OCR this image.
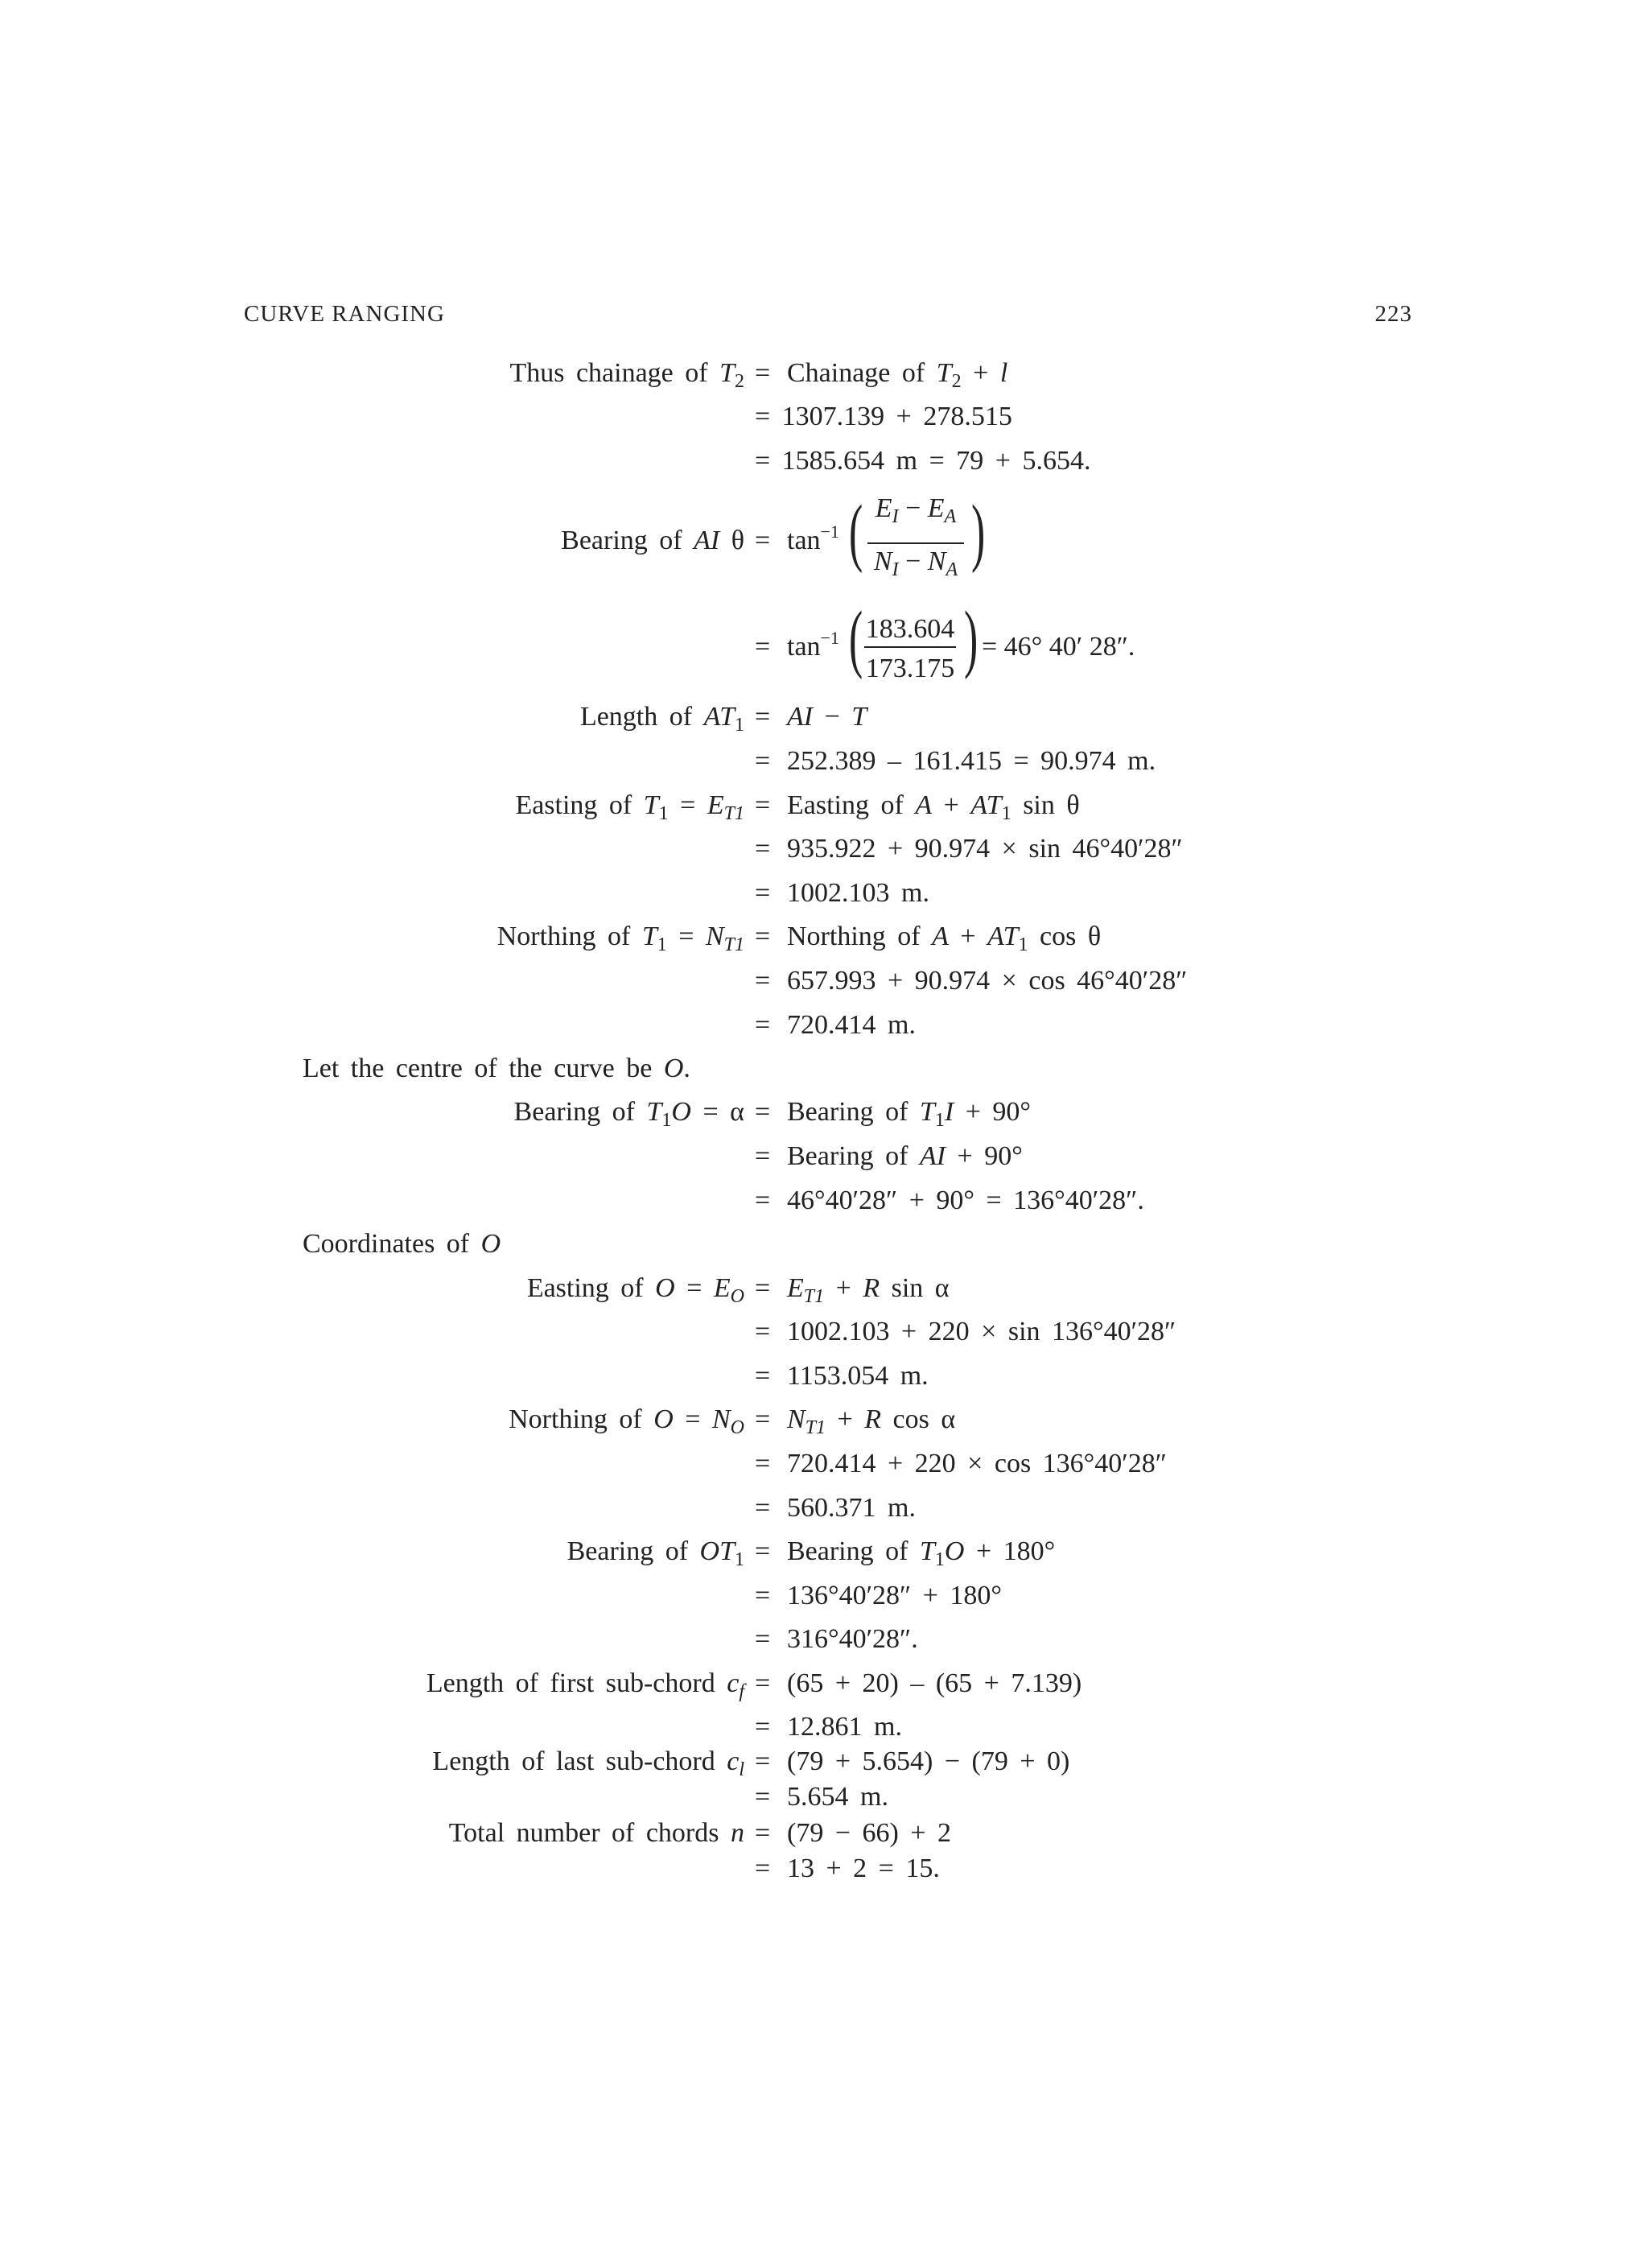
CURVE RANGING	223
Thus chainage of $T_2$ = Chainage of $T_2 + l$
= 1307.139 + 278.515
= 1585.654 m = 79 + 5.654.
Bearing of AI $\theta = \tan^{-1}$ ( $E_I - E_A$
$N_I - N_A$ )
= $\tan^{-1}$ ( 183.604
173.175 ) = 46° 40′ 28″.
Length of $AT_1$ = AI − T
= 252.389 – 161.415 = 90.974 m.
Easting of $T_1 = E_{T1}$ = Easting of $A + AT_1$ sin θ
= 935.922 + 90.974 × sin 46°40′28″
= 1002.103 m.
Northing of $T_1 = N_{T1}$ = Northing of $A + AT_1$ cos θ
= 657.993 + 90.974 × cos 46°40′28″
= 720.414 m.
Let the centre of the curve be O.
Bearing of $T_1O = \alpha$ = Bearing of $T_1I + 90^\circ$
= Bearing of AI + 90°
= 46°40′28″ + 90° = 136°40′28″.
Coordinates of O
Easting of $O = E_O = E_{T1} + R$ sin α
= 1002.103 + 220 × sin 136°40′28″
= 1153.054 m.
Northing of $O = N_O = N_{T1} + R$ cos α
= 720.414 + 220 × cos 136°40′28″
= 560.371 m.
Bearing of $OT_1$ = Bearing of $T_1O + 180^\circ$
= 136°40′28″ + 180°
= 316°40′28″.
Length of first sub-chord $c_f = (65 + 20) - (65 + 7.139)$
= 12.861 m.
Length of last sub-chord $c_l = (79 + 5.654) - (79 + 0)$
= 5.654 m.
Total number of chords n = (79 − 66) + 2
= 13 + 2 = 15.
